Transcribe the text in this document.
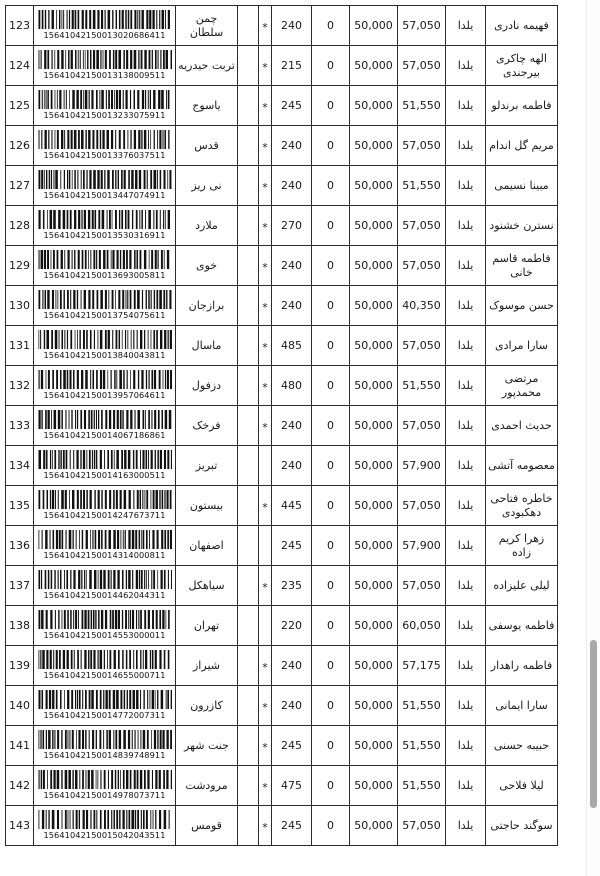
فهیمه نادری	یلدا	57,050	50,000	0	240	*		چمن سلطان	15641042150013020686411	123
الهه چاکری بیرجندی	یلدا	57,050	50,000	0	215	*		تربت حیدریه	15641042150013138009511	124
فاطمه برندلو	یلدا	51,550	50,000	0	245	*		یاسوج	15641042150013233075911	125
مریم گل اندام	یلدا	57,050	50,000	0	240	*		قدس	15641042150013376037511	126
مبینا نسیمی	یلدا	51,550	50,000	0	240	*		نی ریز	15641042150013447074911	127
نسترن خشنود	یلدا	57,050	50,000	0	270	*		ملارد	15641042150013530316911	128
فاطمه قاسم خانی	یلدا	57,050	50,000	0	240	*		خوی	15641042150013693005811	129
حسن موسوک	یلدا	40,350	50,000	0	240	*		برازجان	15641042150013754075611	130
سارا مرادی	یلدا	57,050	50,000	0	485	*		ماسال	15641042150013840043811	131
مرتضی محمدپور	یلدا	51,550	50,000	0	480	*		دزفول	15641042150013957064611	132
حدیث احمدی	یلدا	57,050	50,000	0	240	*		فرخک	15641042150014067186861	133
معصومه آتشی	یلدا	57,900	50,000	0	240			تبریز	15641042150014163000511	134
خاطره فتاحی دهکبودی	یلدا	57,050	50,000	0	445	*		بیستون	15641042150014247673711	135
زهرا کریم زاده	یلدا	57,900	50,000	0	245			اصفهان	15641042150014314000811	136
لیلی علیزاده	یلدا	57,050	50,000	0	235	*		سیاهکل	15641042150014462044311	137
فاطمه یوسفی	یلدا	60,050	50,000	0	220			تهران	15641042150014553000011	138
فاطمه راهدار	یلدا	57,175	50,000	0	240	*		شیراز	15641042150014655000711	139
سارا ایمانی	یلدا	51,550	50,000	0	240	*		کازرون	15641042150014772007311	140
حبیبه حسنی	یلدا	51,550	50,000	0	245	*		جنت شهر	15641042150014839748911	141
لیلا فلاحی	یلدا	51,550	50,000	0	475	*		مرودشت	15641042150014978073711	142
سوگند حاجتی	یلدا	57,050	50,000	0	245	*		قومس	15641042150015042043511	143
